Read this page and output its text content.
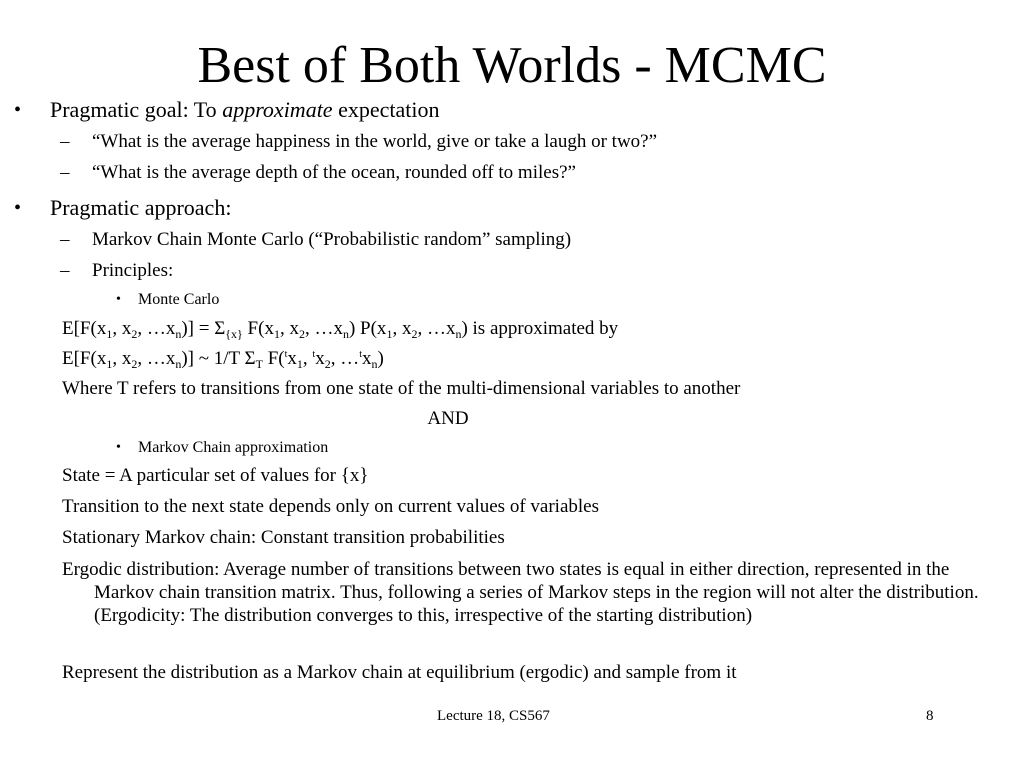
Best of Both Worlds - MCMC
• Pragmatic goal: To approximate expectation
– “What is the average happiness in the world, give or take a laugh or two?”
– “What is the average depth of the ocean, rounded off to miles?”
• Pragmatic approach:
– Markov Chain Monte Carlo (“Probabilistic random” sampling)
– Principles:
• Monte Carlo
$E[F(x_1$, $x_2$, $\dots x_n)] = \Sigma_{\{x\}}$ $F(x_1$, $x_2$, $\dots x_n$) $P(x_1$, $x_2$, $\dots x_n$) is approximated by
$E[F(x_1$, $x_2$, $\dots x_n$)] ~ 1/T $\Sigma_T$ $F(^tx_1$, $^tx_2$, $\dots^tx_n$)
Where T refers to transitions from one state of the multi-dimensional variables to another
AND
• Markov Chain approximation
State = A particular set of values for {x}
Transition to the next state depends only on current values of variables
Stationary Markov chain: Constant transition probabilities
Ergodic distribution: Average number of transitions between two states is equal in either direction, represented in the Markov chain transition matrix. Thus, following a series of Markov steps in the region will not alter the distribution. (Ergodicity: The distribution converges to this, irrespective of the starting distribution)
Represent the distribution as a Markov chain at equilibrium (ergodic) and sample from it
Lecture 18, CS567	8
